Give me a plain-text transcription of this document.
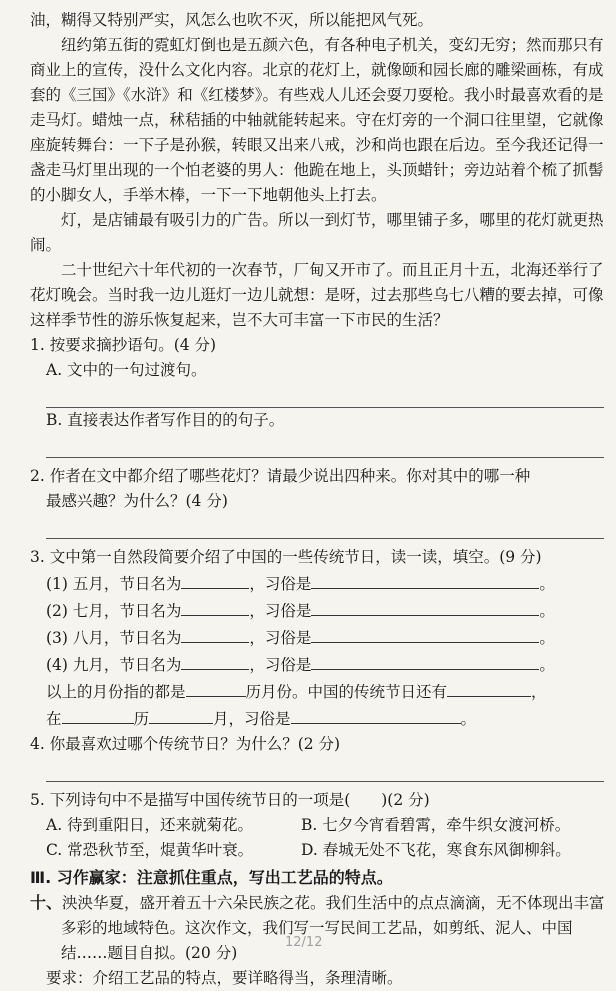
油，糊得又特别严实，风怎么也吹不灭，所以能把风气死。

纽约第五街的霓虹灯倒也是五颜六色，有各种电子机关，变幻无穷；然而那只有商业上的宣传，没什么文化内容。北京的花灯上，就像颐和园长廊的雕梁画栋，有成套的《三国》《水浒》和《红楼梦》。有些戏人儿还会耍刀耍枪。我小时最喜欢看的是走马灯。蜡烛一点，秫秸插的中轴就能转起来。守在灯旁的一个洞口往里望，它就像座旋转舞台：一下子是孙猴，转眼又出来八戒，沙和尚也跟在后边。至今我还记得一盏走马灯里出现的一个怕老婆的男人：他跪在地上，头顶蜡针；旁边站着个梳了抓髻的小脚女人，手举木棒，一下一下地朝他头上打去。

灯，是店铺最有吸引力的广告。所以一到灯节，哪里铺子多，哪里的花灯就更热闹。

二十世纪六十年代初的一次春节，厂甸又开市了。而且正月十五，北海还举行了花灯晚会。当时我一边儿逛灯一边儿就想：是呀，过去那些乌七八糟的要去掉，可像这样季节性的游乐恢复起来，岂不大可丰富一下市民的生活？

1. 按要求摘抄语句。(4 分)

A. 文中的一句过渡句。

B. 直接表达作者写作目的的句子。

2. 作者在文中都介绍了哪些花灯？请最少说出四种来。你对其中的哪一种

最感兴趣？为什么？(4 分)

3. 文中第一自然段简要介绍了中国的一些传统节日，读一读，填空。(9 分)

(1) 五月，节日名为	，习俗是	。

(2) 七月，节日名为	，习俗是	。

(3) 八月，节日名为	，习俗是	。

(4) 九月，节日名为	，习俗是	。

以上的月份指的都是	历月份。中国的传统节日还有	，

在	历	月，习俗是	。

4. 你最喜欢过哪个传统节日？为什么？(2 分)

5. 下列诗句中不是描写中国传统节日的一项是(　　)(2 分)

A. 待到重阳日，还来就菊花。	B. 七夕今宵看碧霄，牵牛织女渡河桥。
C. 常恐秋节至，焜黄华叶衰。	D. 春城无处不飞花，寒食东风御柳斜。

Ⅲ. 习作赢家：注意抓住重点，写出工艺品的特点。

十、泱泱华夏，盛开着五十六朵民族之花。我们生活中的点点滴滴，无不体现出丰富多彩的地域特色。这次作文，我们写一写民间工艺品，如剪纸、泥人、中国结……题目自拟。(20 分)

要求：介绍工艺品的特点，要详略得当，条理清晰。

12/12
